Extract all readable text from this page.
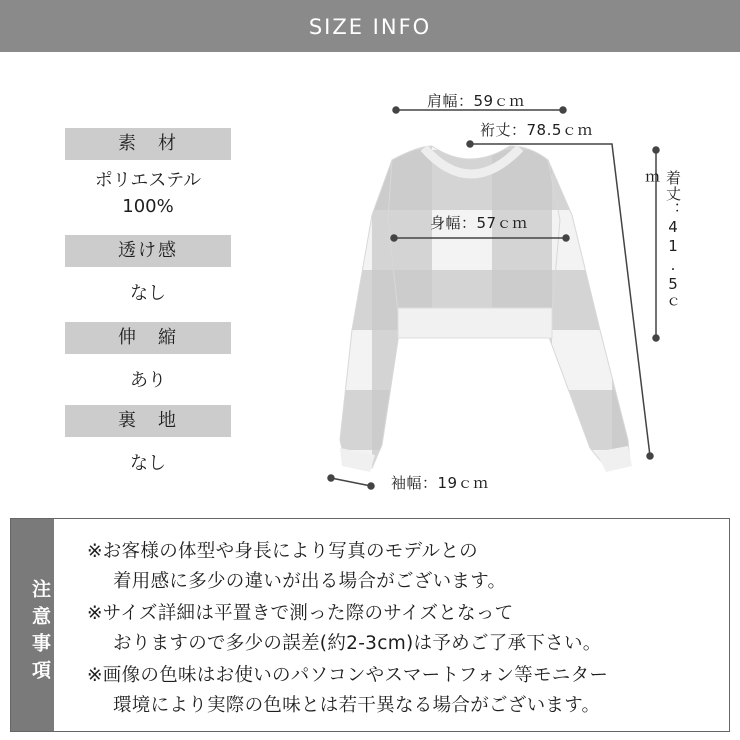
SIZE INFO
素　材
ポリエステル
100%
透け感
なし
伸　縮
あり
裏　地
なし
肩幅：59ｃｍ
裄丈：78.5ｃｍ
身幅：57ｃｍ	着丈：41.5ｃｍ
袖幅：19ｃｍ
注意事項
※お客様の体型や身長により写真のモデルとの
着用感に多少の違いが出る場合がございます。
※サイズ詳細は平置きで測った際のサイズとなって
おりますので多少の誤差(約2-3cm)は予めご了承下さい。
※画像の色味はお使いのパソコンやスマートフォン等モニター
環境により実際の色味とは若干異なる場合がございます。
